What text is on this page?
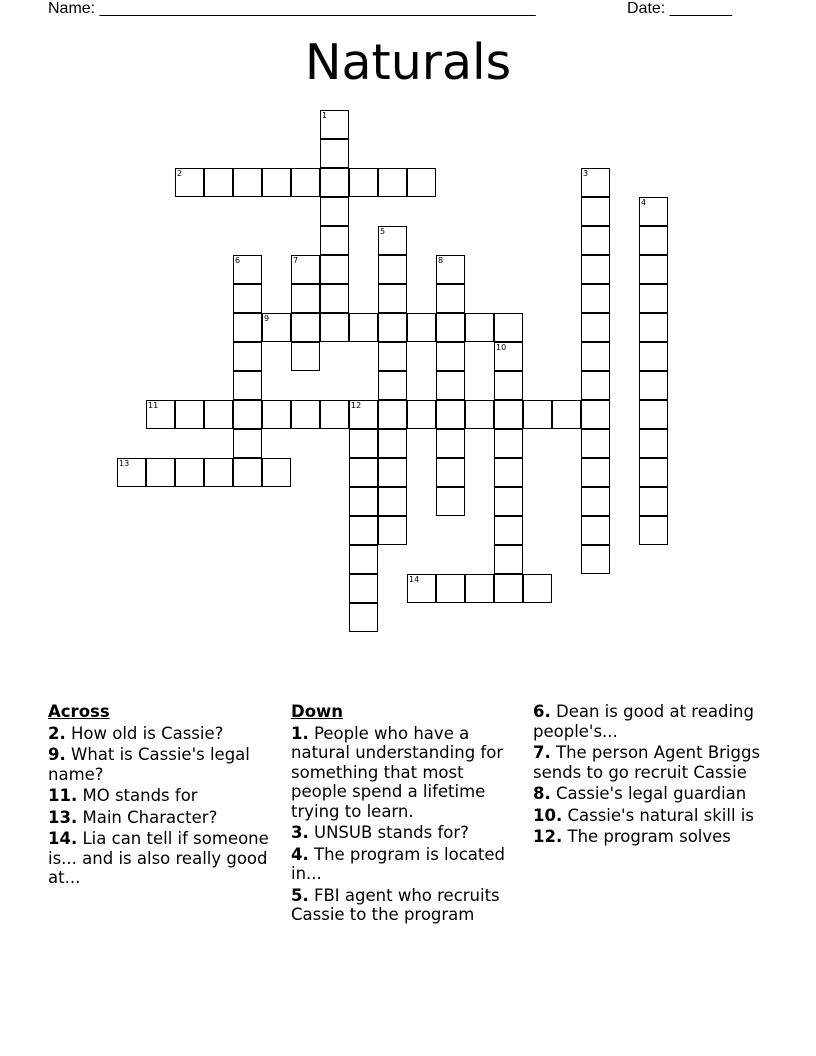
Name: _________________________________________________	Date: _______
Naturals
1
2	3
4
5
6	7	8
9
10
11	12
13
14
Across
2. How old is Cassie?
9. What is Cassie's legal name?
11. MO stands for
13. Main Character?
14. Lia can tell if someone is... and is also really good at...
Down
1. People who have a natural understanding for something that most people spend a lifetime trying to learn.
3. UNSUB stands for?
4. The program is located in...
5. FBI agent who recruits Cassie to the program
6. Dean is good at reading people's...
7. The person Agent Briggs sends to go recruit Cassie
8. Cassie's legal guardian
10. Cassie's natural skill is
12. The program solves
